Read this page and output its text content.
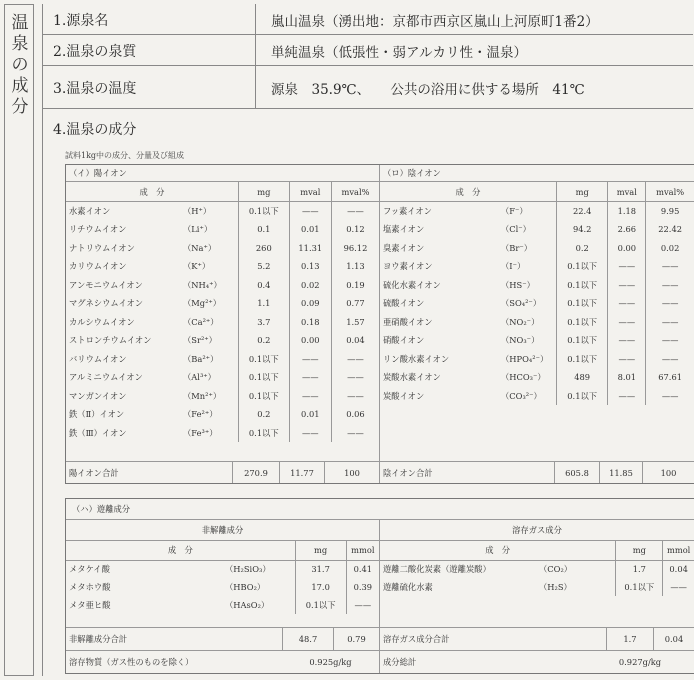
温
泉
の
成
分
1.源泉名	嵐山温泉（湧出地：京都市西京区嵐山上河原町1番2）
2.温泉の泉質	単純温泉（低張性・弱アルカリ性・温泉）
3.温泉の温度	源泉　35.9℃、　　公共の浴用に供する場所　41℃
4.温泉の成分
試料1kg中の成分、分量及び組成
（イ）陽イオン				
成　分		mg	mval	mval%
水素イオン	（H⁺）	0.1以下	——	——
リチウムイオン	（Li⁺）	0.1	0.01	0.12
ナトリウムイオン	（Na⁺）	260	11.31	96.12
カリウムイオン	（K⁺）	5.2	0.13	1.13
アンモニウムイオン	（NH₄⁺）	0.4	0.02	0.19
マグネシウムイオン	（Mg²⁺）	1.1	0.09	0.77
カルシウムイオン	（Ca²⁺）	3.7	0.18	1.57
ストロンチウムイオン	（Sr²⁺）	0.2	0.00	0.04
バリウムイオン	（Ba²⁺）	0.1以下	——	——
アルミニウムイオン	（Al³⁺）	0.1以下	——	——
マンガンイオン	（Mn²⁺）	0.1以下	——	——
鉄（Ⅱ）イオン	（Fe²⁺）	0.2	0.01	0.06
鉄（Ⅲ）イオン	（Fe³⁺）	0.1以下	——	——
（ロ）陰イオン				
成　分		mg	mval	mval%
フッ素イオン	（F⁻）	22.4	1.18	9.95
塩素イオン	（Cl⁻）	94.2	2.66	22.42
臭素イオン	（Br⁻）	0.2	0.00	0.02
ヨウ素イオン	（I⁻）	0.1以下	——	——
硫化水素イオン	（HS⁻）	0.1以下	——	——
硫酸イオン	（SO₄²⁻）	0.1以下	——	——
亜硝酸イオン	（NO₂⁻）	0.1以下	——	——
硝酸イオン	（NO₃⁻）	0.1以下	——	——
リン酸水素イオン	（HPO₄²⁻）	0.1以下	——	——
炭酸水素イオン	（HCO₃⁻）	489	8.01	67.61
炭酸イオン	（CO₃²⁻）	0.1以下	——	——
陽イオン合計	270.9	11.77	100	陰イオン合計	605.8	11.85	100
（ハ）遊離成分
非解離成分	溶存ガス成分
成　分		mg	mmol
メタケイ酸	（H₂SiO₃）	31.7	0.41
メタホウ酸	（HBO₂）	17.0	0.39
メタ亜ヒ酸	（HAsO₂）	0.1以下	——
成　分		mg	mmol
遊離二酸化炭素（遊離炭酸）	（CO₂）	1.7	0.04
遊離硫化水素	（H₂S）	0.1以下	——
非解離成分合計	48.7	0.79 溶存ガス成分合計	1.7	0.04
溶存物質（ガス性のものを除く）	0.925g/kg	成分総計	0.927g/kg
